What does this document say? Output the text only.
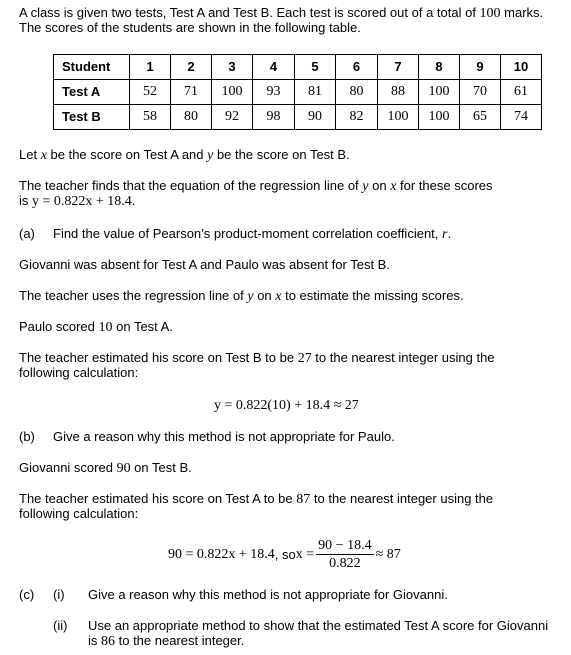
A class is given two tests, Test A and Test B. Each test is scored out of a total of 100 marks.
The scores of the students are shown in the following table.
Student	1	2	3	4	5	6	7	8	9	10
Test A	52	71	100	93	81	80	88	100	70	61
Test B	58	80	92	98	90	82	100	100	65	74
Let x be the score on Test A and y be the score on Test B.
The teacher finds that the equation of the regression line of y on x for these scores
is y = 0.822x + 18.4.
(a) Find the value of Pearson’s product-moment correlation coefficient, r.
Giovanni was absent for Test A and Paulo was absent for Test B.
The teacher uses the regression line of y on x to estimate the missing scores.
Paulo scored 10 on Test A.
The teacher estimated his score on Test B to be 27 to the nearest integer using the
following calculation:
y = 0.822(10) + 18.4 ≈ 27
(b) Give a reason why this method is not appropriate for Paulo.
Giovanni scored 90 on Test B.
The teacher estimated his score on Test A to be 87 to the nearest integer using the
following calculation:
90 = 0.822x + 18.4, sox = $\frac{90 - 18.4}{0.822} \approx 87$
(c) (i) Give a reason why this method is not appropriate for Giovanni.
(ii) Use an appropriate method to show that the estimated Test A score for Giovanni
is 86 to the nearest integer.
